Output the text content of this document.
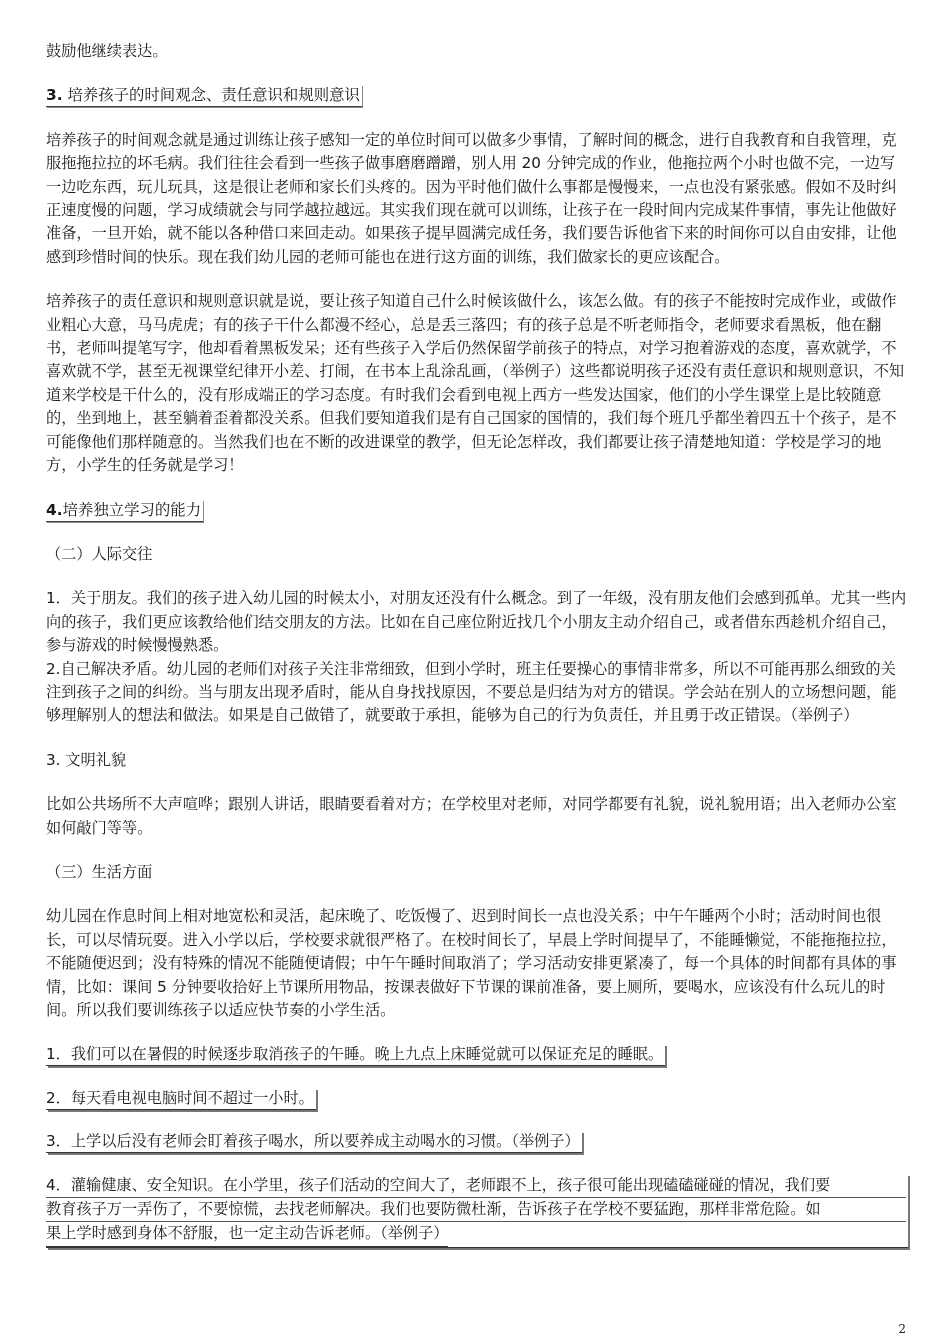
鼓励他继续表达。

3. 培养孩子的时间观念、责任意识和规则意识

培养孩子的时间观念就是通过训练让孩子感知一定的单位时间可以做多少事情，了解时间的概念，进行自我教育和自我管理，克服拖拖拉拉的坏毛病。我们往往会看到一些孩子做事磨磨蹭蹭，别人用 20 分钟完成的作业，他拖拉两个小时也做不完，一边写一边吃东西，玩儿玩具，这是很让老师和家长们头疼的。因为平时他们做什么事都是慢慢来，一点也没有紧张感。假如不及时纠正速度慢的问题，学习成绩就会与同学越拉越远。其实我们现在就可以训练，让孩子在一段时间内完成某件事情，事先让他做好准备，一旦开始，就不能以各种借口来回走动。如果孩子提早圆满完成任务，我们要告诉他省下来的时间你可以自由安排，让他感到珍惜时间的快乐。现在我们幼儿园的老师可能也在进行这方面的训练，我们做家长的更应该配合。

培养孩子的责任意识和规则意识就是说，要让孩子知道自己什么时候该做什么，该怎么做。有的孩子不能按时完成作业，或做作业粗心大意，马马虎虎；有的孩子干什么都漫不经心，总是丢三落四；有的孩子总是不听老师指令，老师要求看黑板，他在翻书，老师叫提笔写字，他却看着黑板发呆；还有些孩子入学后仍然保留学前孩子的特点，对学习抱着游戏的态度，喜欢就学，不喜欢就不学，甚至无视课堂纪律开小差、打闹，在书本上乱涂乱画，（举例子）这些都说明孩子还没有责任意识和规则意识，不知道来学校是干什么的，没有形成端正的学习态度。有时我们会看到电视上西方一些发达国家，他们的小学生课堂上是比较随意的，坐到地上，甚至躺着歪着都没关系。但我们要知道我们是有自己国家的国情的，我们每个班几乎都坐着四五十个孩子，是不可能像他们那样随意的。当然我们也在不断的改进课堂的教学，但无论怎样改，我们都要让孩子清楚地知道：学校是学习的地方，小学生的任务就是学习！

4.培养独立学习的能力

（二）人际交往

1．关于朋友。我们的孩子进入幼儿园的时候太小，对朋友还没有什么概念。到了一年级，没有朋友他们会感到孤单。尤其一些内向的孩子，我们更应该教给他们结交朋友的方法。比如在自己座位附近找几个小朋友主动介绍自己，或者借东西趁机介绍自己，参与游戏的时候慢慢熟悉。

2.自己解决矛盾。幼儿园的老师们对孩子关注非常细致，但到小学时，班主任要操心的事情非常多，所以不可能再那么细致的关注到孩子之间的纠纷。当与朋友出现矛盾时，能从自身找找原因，不要总是归结为对方的错误。学会站在别人的立场想问题，能够理解别人的想法和做法。如果是自己做错了，就要敢于承担，能够为自己的行为负责任，并且勇于改正错误。（举例子）

3. 文明礼貌

比如公共场所不大声喧哗；跟别人讲话，眼睛要看着对方；在学校里对老师，对同学都要有礼貌，说礼貌用语；出入老师办公室如何敲门等等。

（三）生活方面

幼儿园在作息时间上相对地宽松和灵活，起床晚了、吃饭慢了、迟到时间长一点也没关系；中午午睡两个小时；活动时间也很长，可以尽情玩耍。进入小学以后，学校要求就很严格了。在校时间长了，早晨上学时间提早了，不能睡懒觉，不能拖拖拉拉，不能随便迟到；没有特殊的情况不能随便请假；中午午睡时间取消了；学习活动安排更紧凑了，每一个具体的时间都有具体的事情，比如：课间 5 分钟要收拾好上节课所用物品，按课表做好下节课的课前准备，要上厕所，要喝水，应该没有什么玩儿的时间。所以我们要训练孩子以适应快节奏的小学生活。

1．我们可以在暑假的时候逐步取消孩子的午睡。晚上九点上床睡觉就可以保证充足的睡眠。
2．每天看电视电脑时间不超过一小时。
3．上学以后没有老师会盯着孩子喝水，所以要养成主动喝水的习惯。（举例子）
4．灌输健康、安全知识。在小学里，孩子们活动的空间大了，老师跟不上，孩子很可能出现磕磕碰碰的情况，我们要
教育孩子万一弄伤了，不要惊慌，去找老师解决。我们也要防微杜渐，告诉孩子在学校不要猛跑，那样非常危险。如
果上学时感到身体不舒服，也一定主动告诉老师。（举例子）
2
